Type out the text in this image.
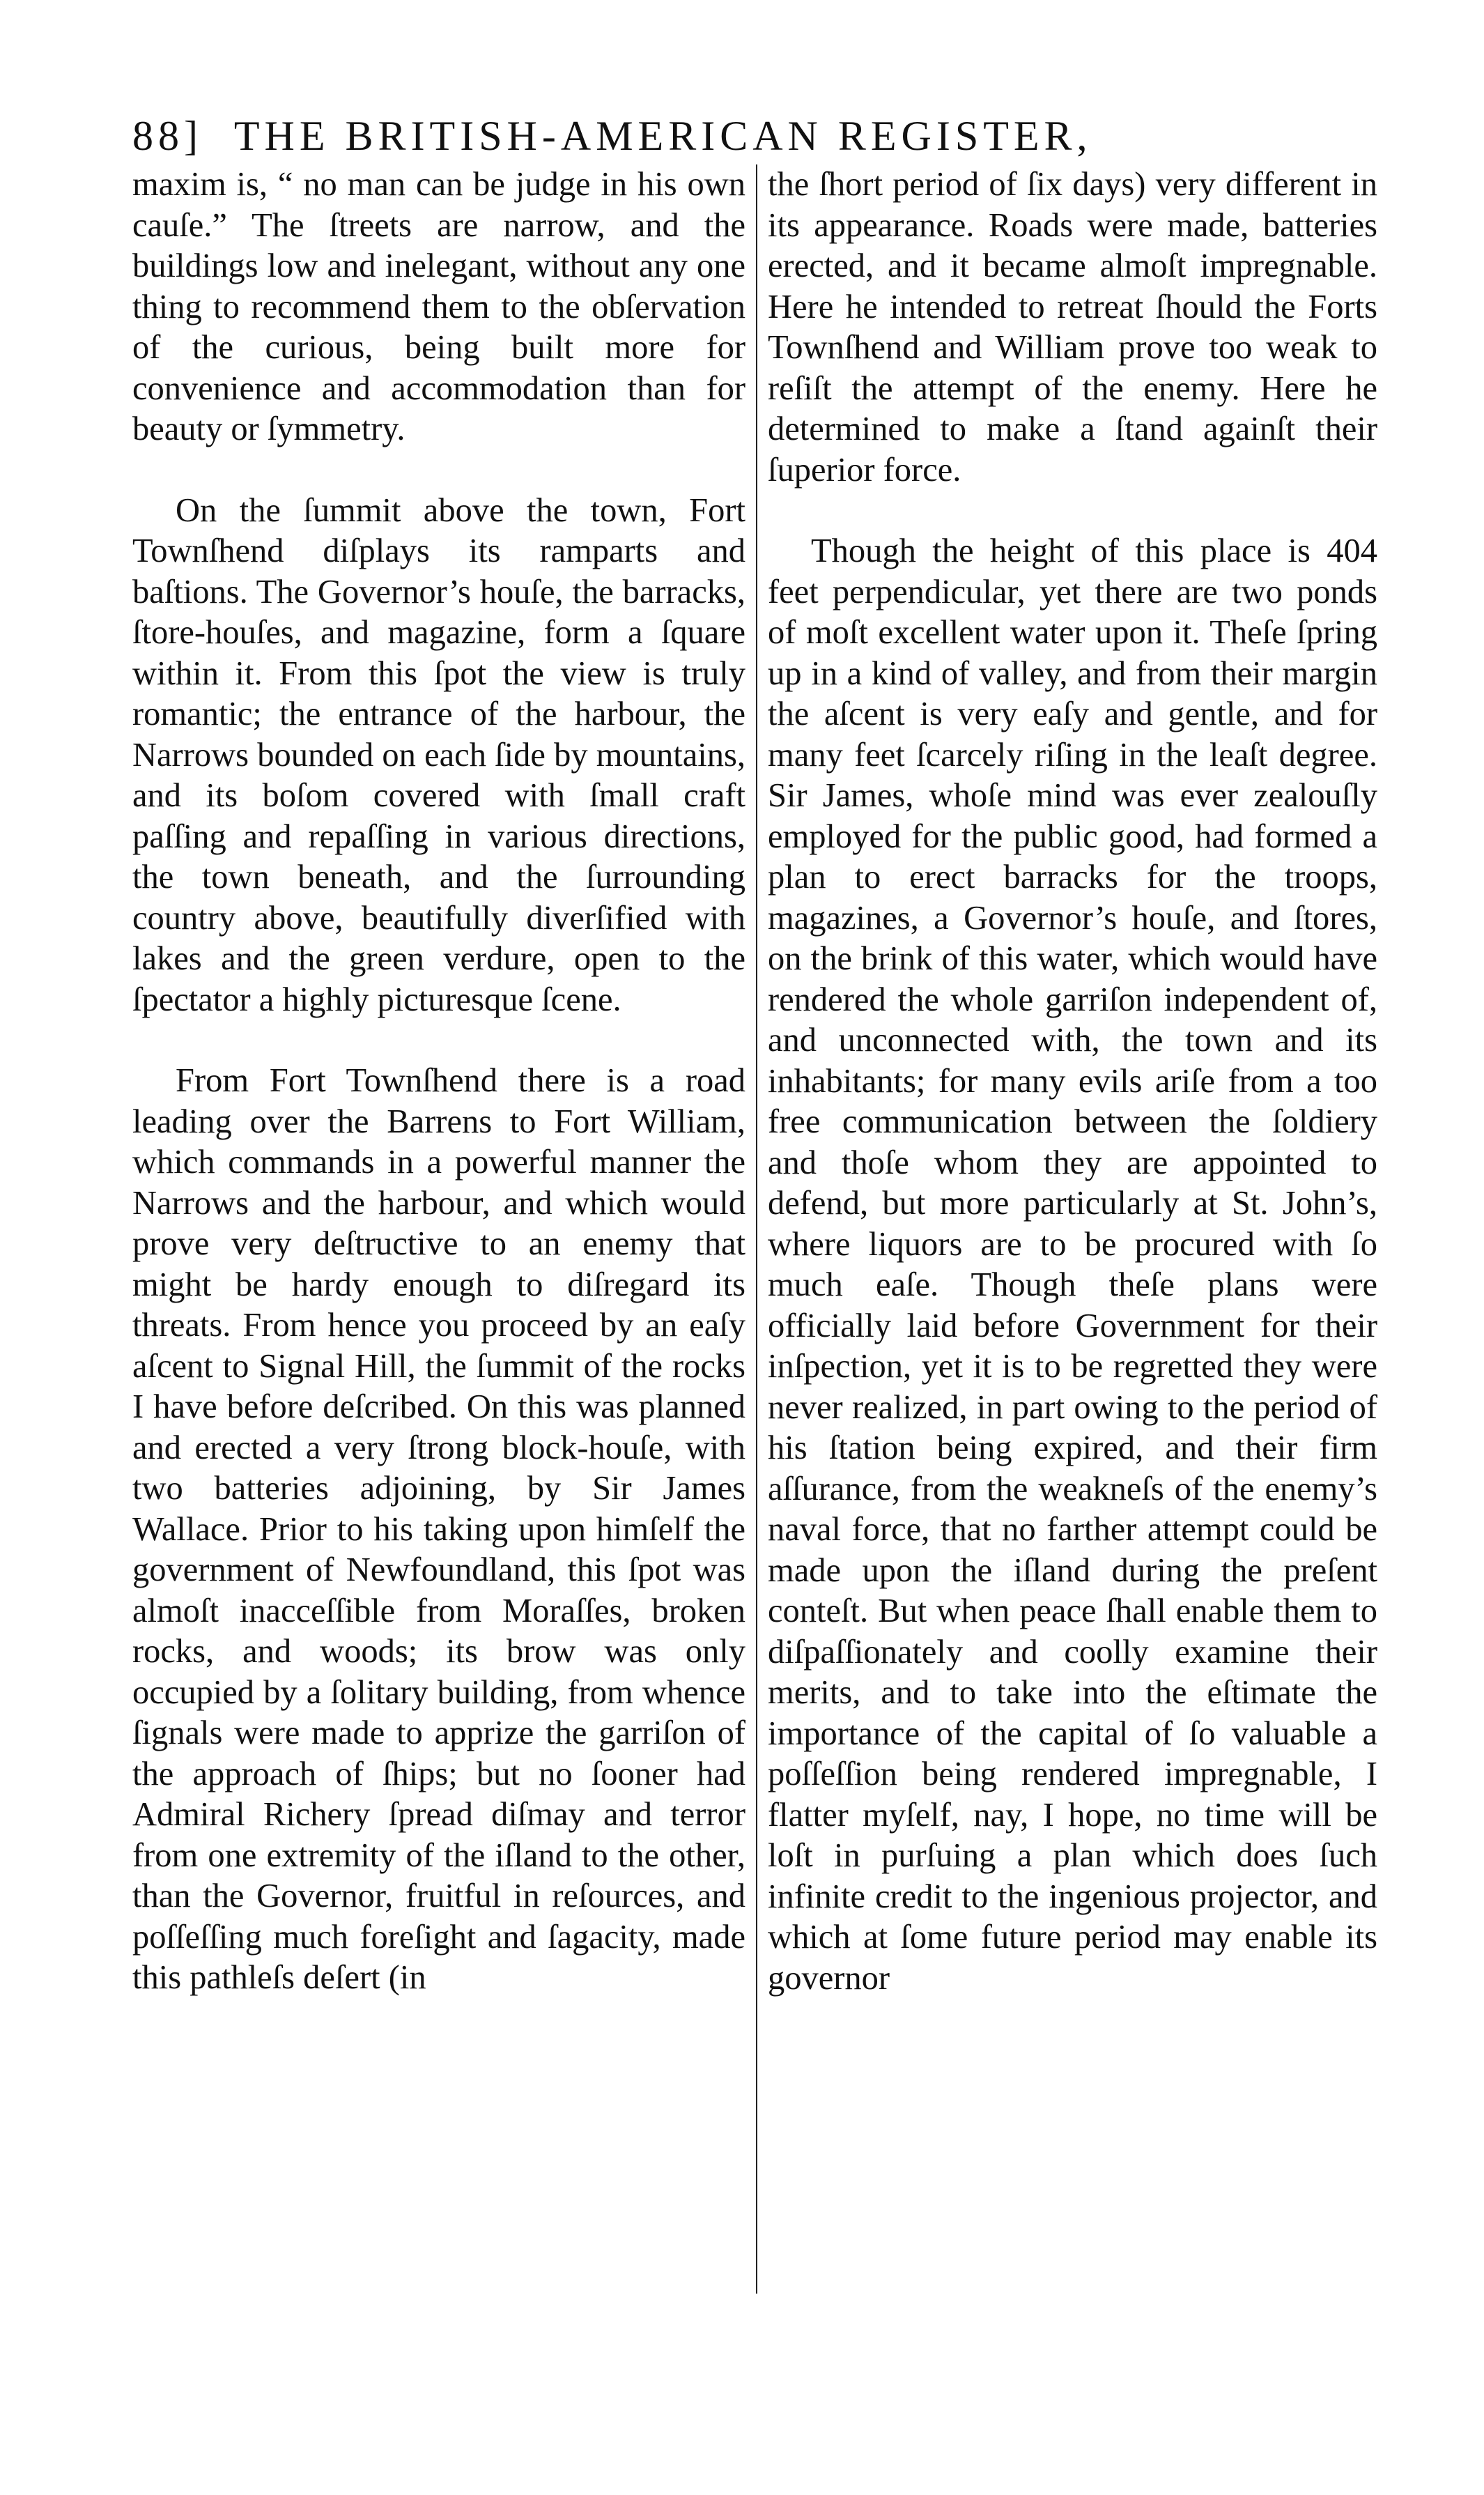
88] THE BRITISH-AMERICAN REGISTER,

maxim is, “ no man can be judge in his own cauſe.” The ſtreets are narrow, and the buildings low and inelegant, without any one thing to recommend them to the obſervation of the curious, being built more for convenience and accommodation than for beauty or ſymmetry.

On the ſummit above the town, Fort Townſhend diſplays its ramparts and baſtions. The Governor’s houſe, the barracks, ſtore-houſes, and magazine, form a ſquare within it. From this ſpot the view is truly romantic; the entrance of the harbour, the Narrows bounded on each ſide by mountains, and its boſom covered with ſmall craft paſſing and repaſſing in various directions, the town beneath, and the ſurrounding country above, beautifully diverſified with lakes and the green verdure, open to the ſpectator a highly picturesque ſcene.

From Fort Townſhend there is a road leading over the Barrens to Fort William, which commands in a powerful manner the Narrows and the harbour, and which would prove very deſtructive to an enemy that might be hardy enough to diſregard its threats. From hence you proceed by an eaſy aſcent to Signal Hill, the ſummit of the rocks I have before deſcribed. On this was planned and erected a very ſtrong block-houſe, with two batteries adjoining, by Sir James Wallace. Prior to his taking upon himſelf the government of Newfoundland, this ſpot was almoſt inacceſſible from Moraſſes, broken rocks, and woods; its brow was only occupied by a ſolitary building, from whence ſignals were made to apprize the garriſon of the approach of ſhips; but no ſooner had Admiral Richery ſpread diſmay and terror from one extremity of the iſland to the other, than the Governor, fruitful in reſources, and poſſeſſing much foreſight and ſagacity, made this pathleſs deſert (in

the ſhort period of ſix days) very different in its appearance. Roads were made, batteries erected, and it became almoſt impregnable. Here he intended to retreat ſhould the Forts Townſhend and William prove too weak to reſiſt the attempt of the enemy. Here he determined to make a ſtand againſt their ſuperior force.

Though the height of this place is 404 feet perpendicular, yet there are two ponds of moſt excellent water upon it. Theſe ſpring up in a kind of valley, and from their margin the aſcent is very eaſy and gentle, and for many feet ſcarcely riſing in the leaſt degree. Sir James, whoſe mind was ever zealouſly employed for the public good, had formed a plan to erect barracks for the troops, magazines, a Governor’s houſe, and ſtores, on the brink of this water, which would have rendered the whole garriſon independent of, and unconnected with, the town and its inhabitants; for many evils ariſe from a too free communication between the ſoldiery and thoſe whom they are appointed to defend, but more particularly at St. John’s, where liquors are to be procured with ſo much eaſe. Though theſe plans were officially laid before Government for their inſpection, yet it is to be regretted they were never realized, in part owing to the period of his ſtation being expired, and their firm aſſurance, from the weakneſs of the enemy’s naval force, that no farther attempt could be made upon the iſland during the preſent conteſt. But when peace ſhall enable them to diſpaſſionately and coolly examine their merits, and to take into the eſtimate the importance of the capital of ſo valuable a poſſeſſion being rendered impregnable, I flatter myſelf, nay, I hope, no time will be loſt in purſuing a plan which does ſuch infinite credit to the ingenious projector, and which at ſome future period may enable its governor
